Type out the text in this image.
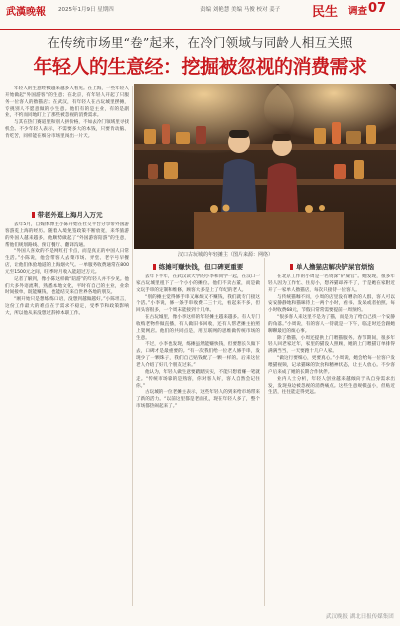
武漢晚報 2025年1月9日 星期四	责编 刘艳慧 美编 马俊 校对 姜子 民生 调查 07
在传统市场里“卷”起来，在冷门领域与同龄人相互关照
年轻人的生意经：挖掘被忽视的消费需求

年轻人的生意经被越来越多人看见。在上海，一些年轻人开始做起“外国游客”的生意；在北京，有年轻人开起了只服务一位客人的撸猫店；在武汉，有年轻人在古玩城里摆摊，专挑别人不愿意做的小生意。他们有的是主业，有的是副业，不约而同地盯上了那些被忽视的消费需求。

与其在热门赛道里和别人拼价格，不如去冷门领域里寻找机会。不少年轻人表示，不需要多大的本钱，只要肯动脑、肯吃苦，同样能在细分市场里闯出一片天。

带老外逛上海月入万元

去年5月，自媒体博主小陈开始在社交平台分享带外国游客游览上海的经历。随着入境免签政策不断放宽，来华旅游的外国人越来越多，他顺势做起了“外国游客陪游”的生意，帮他们规划路线、预订餐厅、翻译沟通。

“外国人喜欢的不是网红打卡点，而是真正的中国人日常生活。”小陈说，他会带客人去菜市场、弄堂、老字号早餐店，让他们体验地道的上海烟火气。一单服务收费通常在800元至1500元之间，旺季时月收入能超过万元。

记者了解到，像小陈这样做“陪游”的年轻人并不少见。他们大多外语流利，熟悉本地文化，平时有自己的主业，业余时间接单，既能赚钱，也能结交来自世界各地的朋友。

“刚开始只是想练练口语，没想到越做越好。”小陈坦言，这份工作最大的难点在于需求不稳定，受季节和政策影响大，所以他从来没想过辞掉本职工作。

汉口古玩城的年轻摊主（图片来源：网络）
练摊可赚快钱，但口碑更重要

去年下半年，在武汉读大学的小李和同学一起，在汉口一家古玩城里租下了一个小小的摊位。他们不卖古董，而是做文玩手串的定制和维修，顾客大多是上了年纪的老人。

“别的摊主觉得修手串又麻烦又不赚钱，我们就专门接这个活。”小李说，修一条手串收费二三十元，看起来不多，但回头客很多，一个周末能接到十几单。

在古玩城里，像小李这样的年轻摊主越来越多。有人专门收购老物件做直播，有人做旧书回收，还有人帮老摊主拍照上架网店。他们的共同点是，用互联网的思维做传统市场的生意。

不过，小李也发现，练摊虽然能赚快钱，但要想长久做下去，口碑才是最重要的。“有一次我们给一位老人修手串，发现少了一颗珠子，我们自己贴钱配了一颗一样的。后来这位老人介绍了好几个朋友过来。”

他认为，年轻人做生意要踏踏实实，不能只想着赚一笔就走。“传统市场靠的是熟客，你对客人好，客人自然会记住你。”

古玩城的一位老摊主表示，这些年轻人的到来给市场带来了新的活力。“以前这里都是老面孔，现在年轻人多了，整个市场都热闹起来了。”

单人撸猫店解决铲屎官烦恼

在北京工作的小周是一名资深“铲屎官”。她发现，很多年轻人因为工作忙、住房小，想养猫却养不了，于是她在家附近开了一家单人撸猫店，每次只接待一位客人。

与传统猫咖不同，小周的店里没有嘈杂的人群，客人可以安安静静地和猫咪待上一两个小时，看书、发呆或者拍照。每小时收费68元，节假日常常需要提前一周预约。

“很多客人来这里不是为了猫，而是为了给自己找一个安静的角落。”小周说，有的客人一待就是一下午，临走时还会跟她聊聊最近的烦心事。

除了撸猫，小周还提供上门喂猫服务。春节期间，很多年轻人回老家过年，家里的猫没人照顾，她的上门喂猫订单排得满满当当，一天要跑十几户人家。

“做这行要细心，更要真心。”小周说，她会给每一位客户发喂猫视频，记录猫咪的饮食和精神状态，让主人放心。不少客户后来成了她的长期合作伙伴。

业内人士分析，年轻人创业越来越倾向于从自身需求出发，发现身边被忽视的消费痛点。这些生意规模虽小，但贴近生活，往往能走得更远。

武汉晚报 湖北日报传媒集团
